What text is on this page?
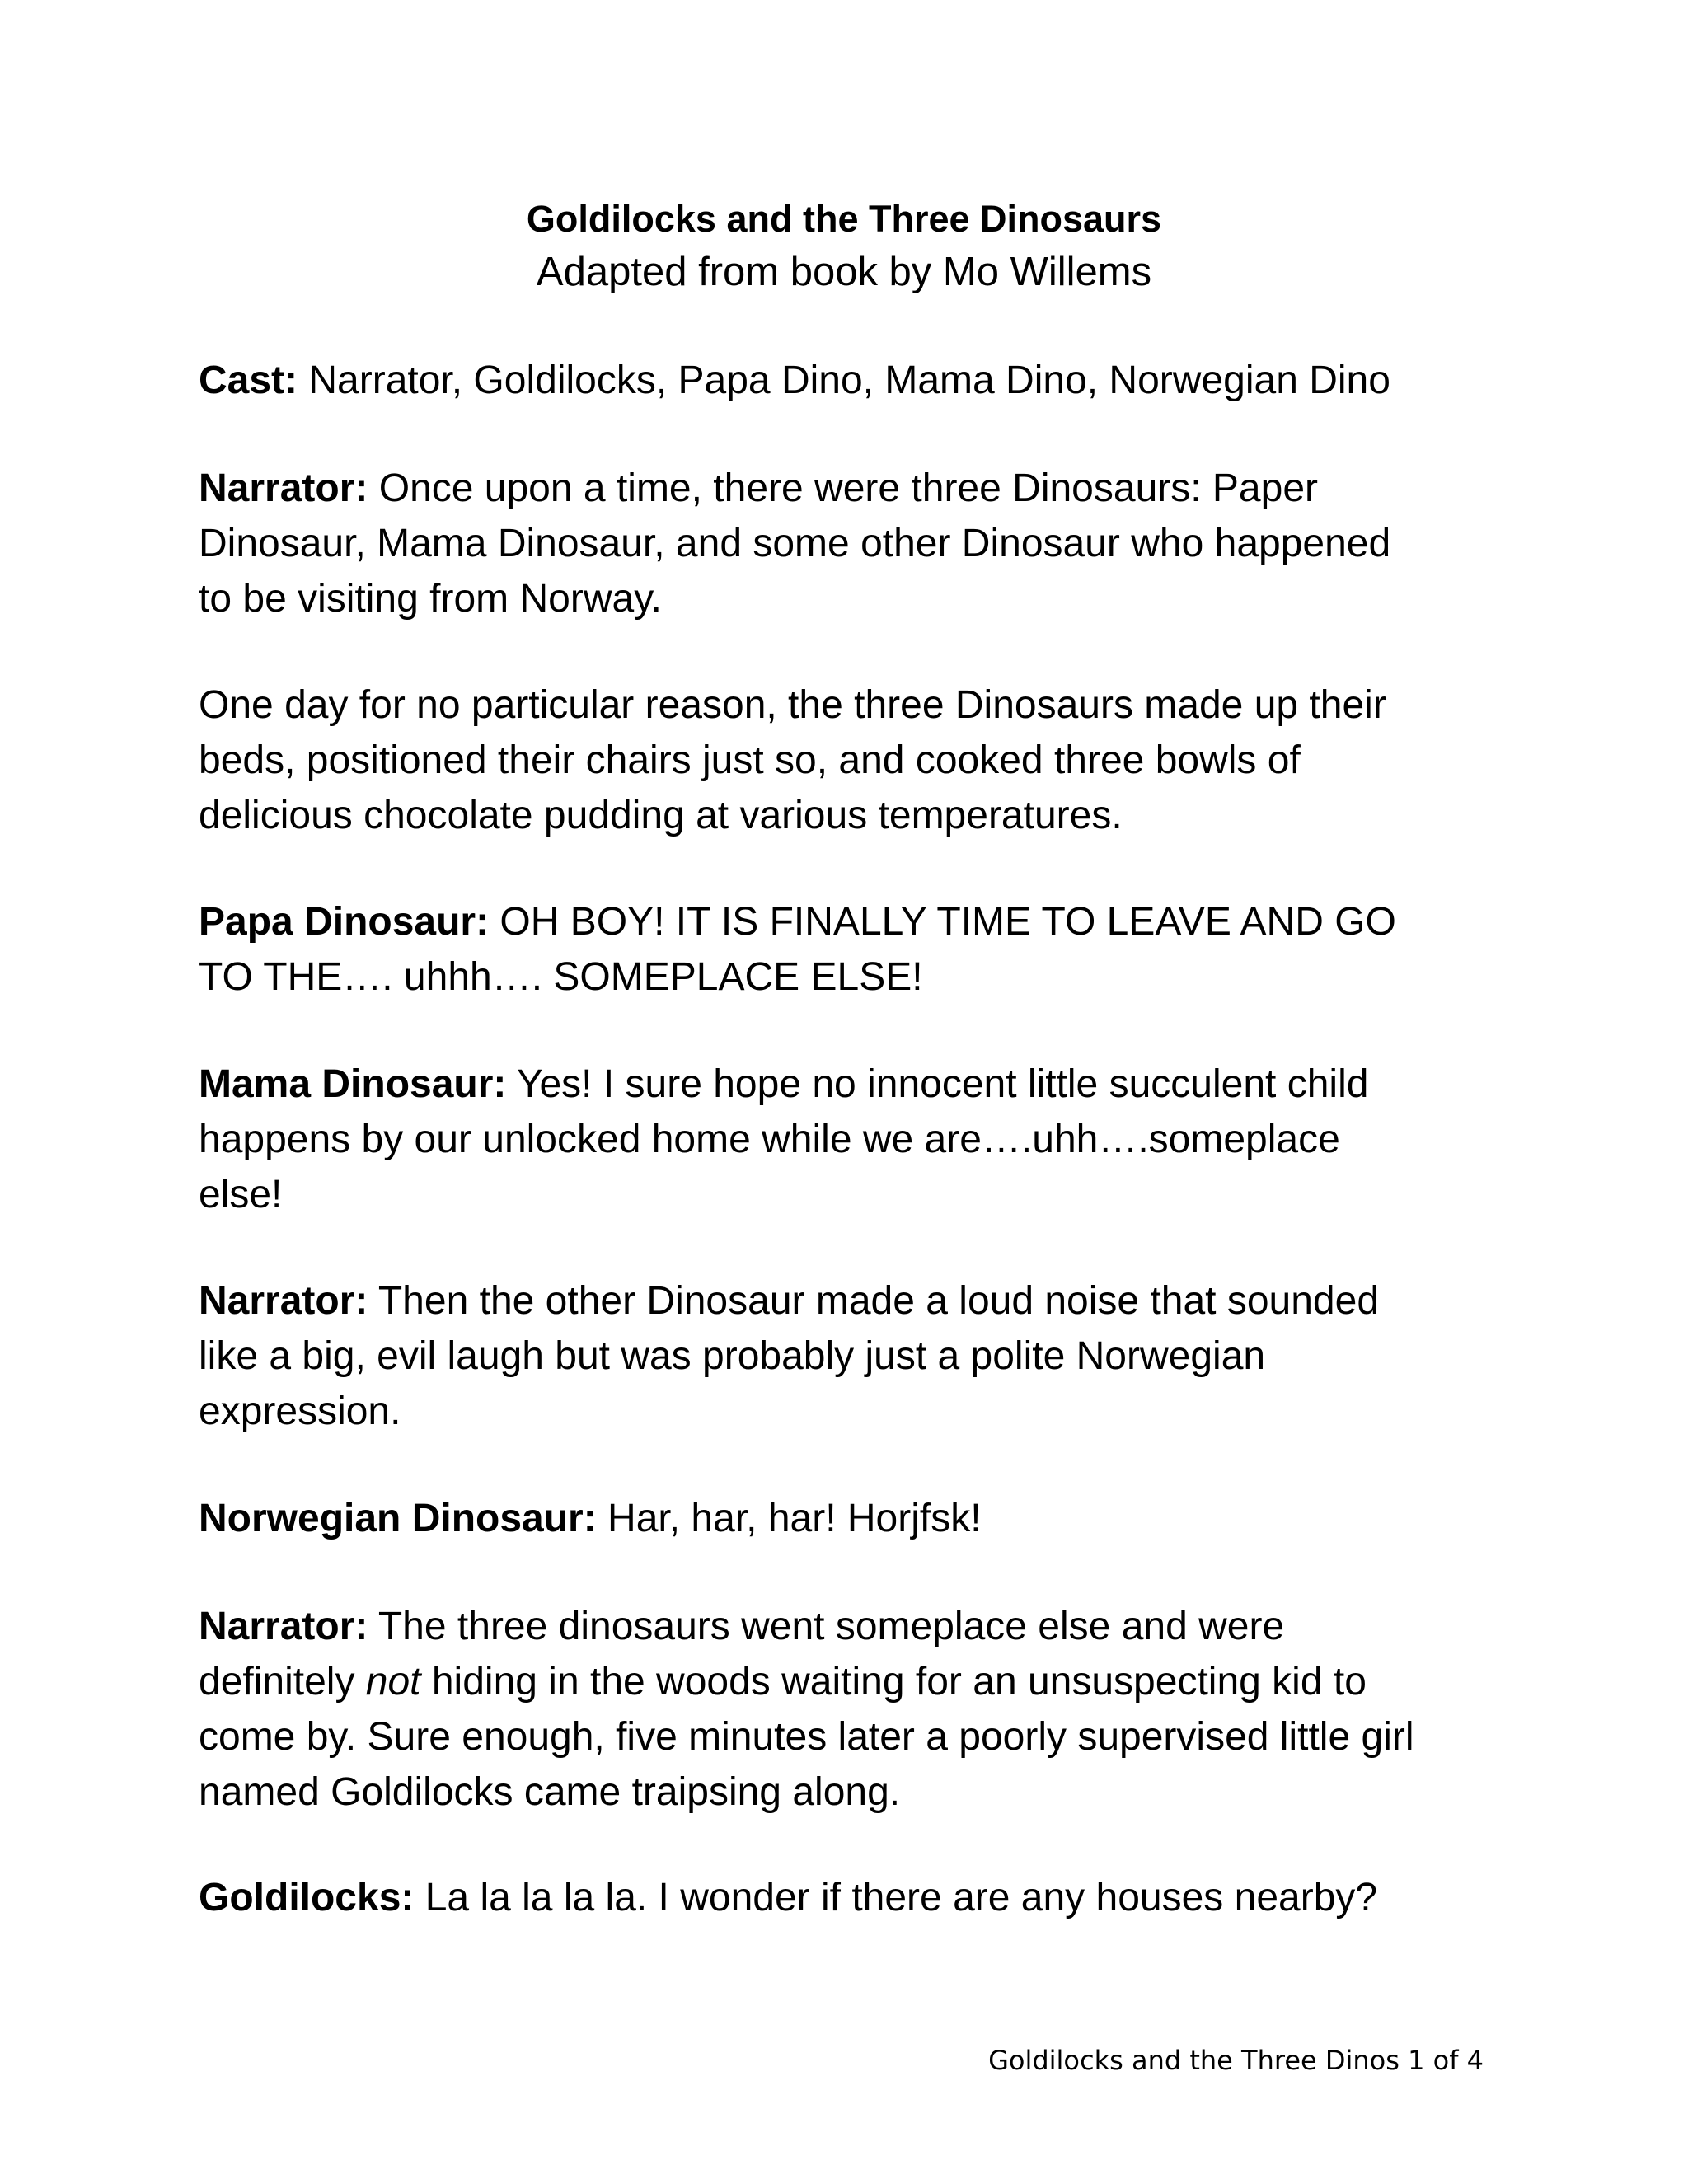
Goldilocks and the Three Dinosaurs
Adapted from book by Mo Willems
Cast: Narrator, Goldilocks, Papa Dino, Mama Dino, Norwegian Dino
Narrator: Once upon a time, there were three Dinosaurs: Paper
Dinosaur, Mama Dinosaur, and some other Dinosaur who happened
to be visiting from Norway.
One day for no particular reason, the three Dinosaurs made up their
beds, positioned their chairs just so, and cooked three bowls of
delicious chocolate pudding at various temperatures.
Papa Dinosaur: OH BOY! IT IS FINALLY TIME TO LEAVE AND GO
TO THE…. uhhh…. SOMEPLACE ELSE!
Mama Dinosaur: Yes! I sure hope no innocent little succulent child
happens by our unlocked home while we are….uhh….someplace
else!
Narrator: Then the other Dinosaur made a loud noise that sounded
like a big, evil laugh but was probably just a polite Norwegian
expression.
Norwegian Dinosaur: Har, har, har! Horjfsk!
Narrator: The three dinosaurs went someplace else and were
definitely not hiding in the woods waiting for an unsuspecting kid to
come by. Sure enough, five minutes later a poorly supervised little girl
named Goldilocks came traipsing along.
Goldilocks: La la la la la. I wonder if there are any houses nearby?
Goldilocks and the Three Dinos 1 of 4
